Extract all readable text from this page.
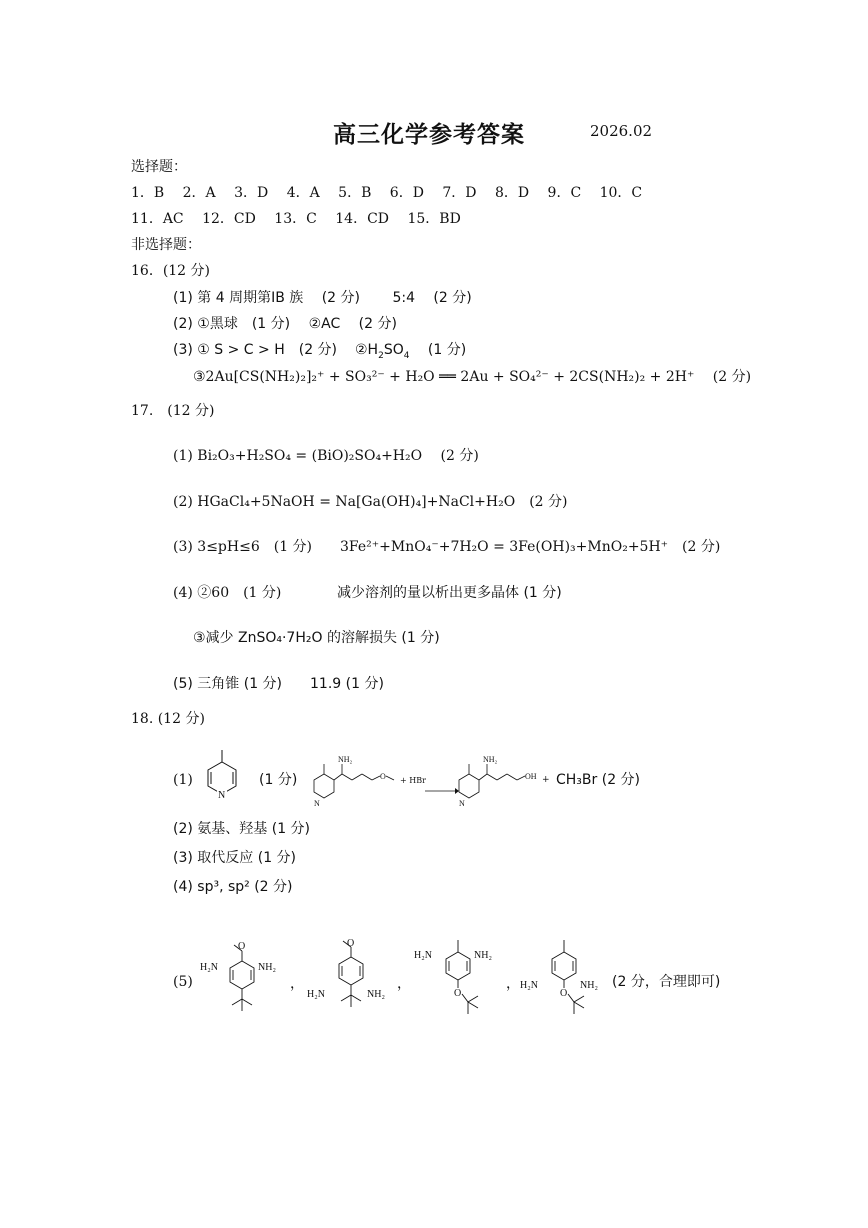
高三化学参考答案	2026.02
选择题：
1．B　 2．A　 3．D　 4．A　 5．B　 6．D　 7．D　 8．D　 9．C　 10．C
11．AC　 12．CD　 13．C　 14．CD　 15．BD
非选择题：
16．(12 分)
(1) 第 4 周期第IB 族　 (2 分)　　 5:4　 (2 分)
(2) ①黑球　(1 分)　 ②AC　 (2 分)
(3) ① S > C > H　(2 分) $②H_2SO_4$　 (1 分)
③2Au[CS(NH₂)₂]₂⁺ + SO₃²⁻ + H₂O ══ 2Au + SO₄²⁻ + 2CS(NH₂)₂ + 2H⁺　 (2 分)
17.　(12 分)
(1) Bi₂O₃+H₂SO₄ = (BiO)₂SO₄+H₂O　 (2 分)
(2) HGaCl₄+5NaOH = Na[Ga(OH)₄]+NaCl+H₂O　(2 分)
(3) 3≤pH≤6　(1 分)　　3Fe²⁺+MnO₄⁻+7H₂O = 3Fe(OH)₃+MnO₂+5H⁺　(2 分)
(4) ②60　(1 分)	减少溶剂的量以析出更多晶体 (1 分)
③减少 ZnSO₄·7H₂O 的溶解损失 (1 分)
(5) 三角锥 (1 分)　　11.9 (1 分)
18. (12 分)
(1)
N
(1 分)
NH₂
O
N
+ HBr →
NH₂
OH
N
+ CH₃Br (2 分)
(2) 氨基、羟基 (1 分)
(3) 取代反应 (1 分)
(4) sp³, sp² (2 分)
(5)
O
H₂N	NH₂
，
O
H₂N	NH₂
，
O
H₂N	NH₂
，
O
H₂N	NH₂ (2 分，合理即可)
